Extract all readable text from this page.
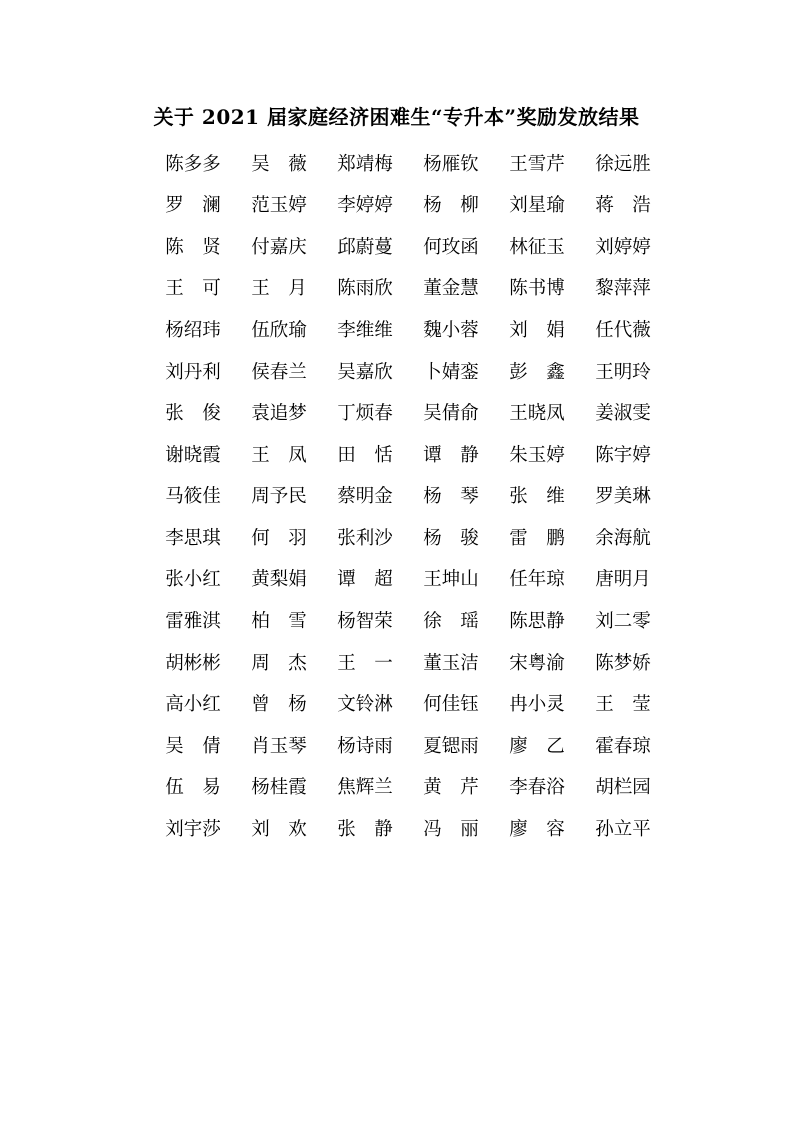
关于 2021 届家庭经济困难生“专升本”奖励发放结果
陈多多	吴　薇	郑靖梅	杨雁钦	王雪芹	徐远胜
罗　澜	范玉婷	李婷婷	杨　柳	刘星瑜	蒋　浩
陈　贤	付嘉庆	邱蔚蔓	何玫函	林征玉	刘婷婷
王　可	王　月	陈雨欣	董金慧	陈书博	黎萍萍
杨绍玮	伍欣瑜	李维维	魏小蓉	刘　娟	任代薇
刘丹利	侯春兰	吴嘉欣	卜婧銮	彭　鑫	王明玲
张　俊	袁追梦	丁烦春	吴倩俞	王晓凤	姜淑雯
谢晓霞	王　凤	田　恬	谭　静	朱玉婷	陈宇婷
马筱佳	周予民	蔡明金	杨　琴	张　维	罗美琳
李思琪	何　羽	张利沙	杨　骏	雷　鹏	余海航
张小红	黄梨娟	谭　超	王坤山	任年琼	唐明月
雷雅淇	柏　雪	杨智荣	徐　瑶	陈思静	刘二零
胡彬彬	周　杰	王　一	董玉洁	宋粤渝	陈梦娇
高小红	曾　杨	文铃淋	何佳钰	冉小灵	王　莹
吴　倩	肖玉琴	杨诗雨	夏锶雨	廖　乙	霍春琼
伍　易	杨桂霞	焦辉兰	黄　芹	李春浴	胡栏园
刘宇莎	刘　欢	张　静	冯　丽	廖　容	孙立平
